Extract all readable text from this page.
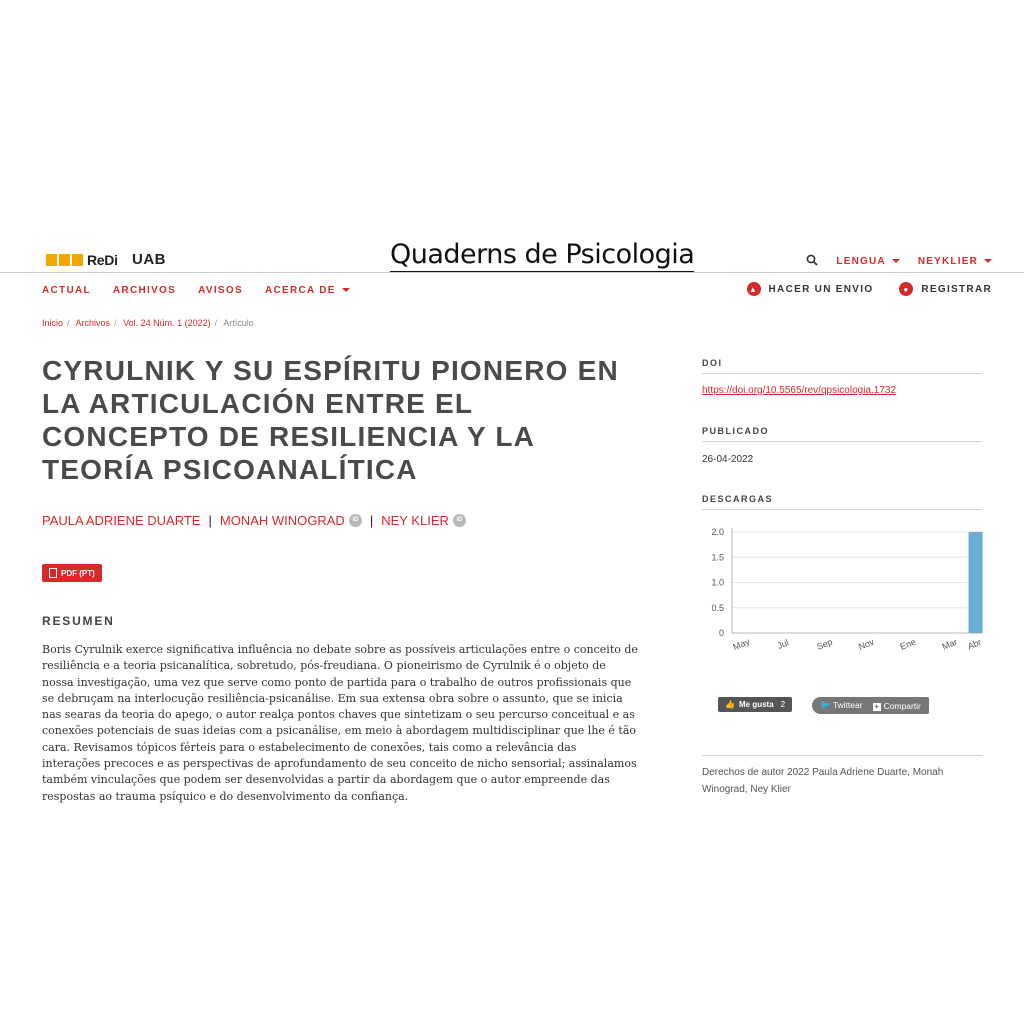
ReDi UAB	Quaderns de Psicologia	LENGUA	NEYKLIER
ACTUAL ARCHIVOS AVISOS ACERCA DE	▲ HACER UN ENVIO	●	REGISTRAR
Inicio / Archivos / Vol. 24 Núm. 1 (2022) / Artículo
CYRULNIK Y SU ESPÍRITU PIONERO EN LA ARTICULACIÓN ENTRE EL CONCEPTO DE RESILIENCIA Y LA TEORÍA PSICOANALÍTICA
PAULA ADRIENE DUARTE | MONAH WINOGRAD	iD | NEY KLIER	iD
PDF (PT)
RESUMEN

Boris Cyrulnik exerce significativa influência no debate sobre as possíveis articulações entre o conceito de resiliência e a teoria psicanalítica, sobretudo, pós-freudiana. O pioneirismo de Cyrulnik é o objeto de nossa investigação, uma vez que serve como ponto de partida para o trabalho de outros profissionais que se debruçam na interlocução resiliência-psicanálise. Em sua extensa obra sobre o assunto, que se inicia nas searas da teoria do apego, o autor realça pontos chaves que sintetizam o seu percurso conceitual e as conexões potenciais de suas ideias com a psicanálise, em meio à abordagem multidisciplinar que lhe é tão cara. Revisamos tópicos férteis para o estabelecimento de conexões, tais como a relevância das interações precoces e as perspectivas de aprofundamento de seu conceito de nicho sensorial; assinalamos também vinculações que podem ser desenvolvidas a partir da abordagem que o autor empreende das respostas ao trauma psíquico e do desenvolvimento da confiança.

DOI
https://doi.org/10.5565/rev/qpsicologia.1732
PUBLICADO
26-04-2022
DESCARGAS
0
0.5
1.0
1.5
2.0
May	Jul	Sep	Nov	Ene	Mar Abr
👍 Me gusta 2	🐦 Twittear + Compartir
Derechos de autor 2022 Paula Adriene Duarte, Monah Winograd, Ney Klier
